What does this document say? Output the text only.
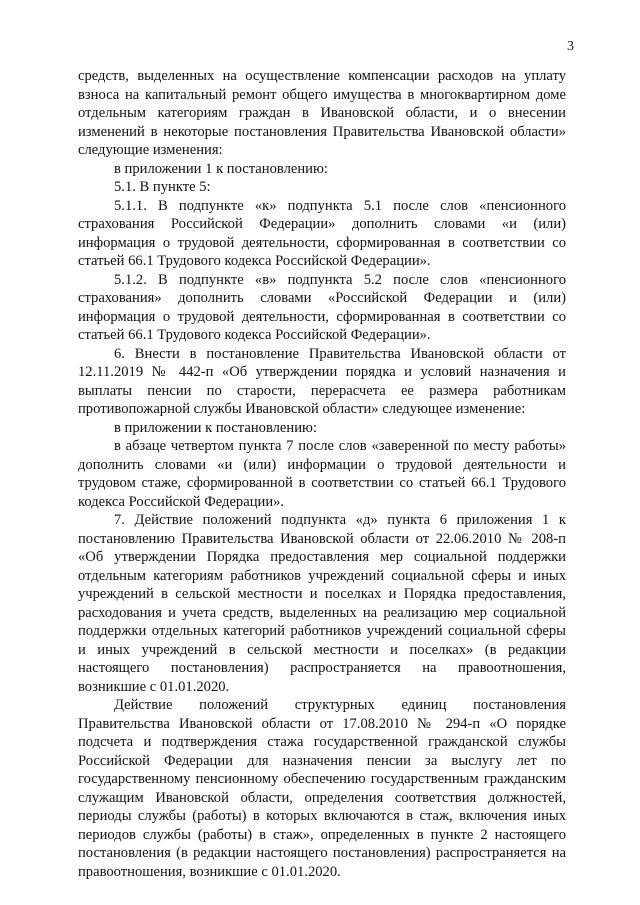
3

средств, выделенных на осуществление компенсации расходов на уплату взноса на капитальный ремонт общего имущества в многоквартирном доме отдельным категориям граждан в Ивановской области, и о внесении изменений в некоторые постановления Правительства Ивановской области» следующие изменения:

в приложении 1 к постановлению:

5.1. В пункте 5:

5.1.1. В подпункте «к» подпункта 5.1 после слов «пенсионного страхования Российской Федерации» дополнить словами «и (или) информация о трудовой деятельности, сформированная в соответствии со статьей 66.1 Трудового кодекса Российской Федерации».

5.1.2. В подпункте «в» подпункта 5.2 после слов «пенсионного страхования» дополнить словами «Российской Федерации и (или) информация о трудовой деятельности, сформированная в соответствии со статьей 66.1 Трудового кодекса Российской Федерации».

6. Внести в постановление Правительства Ивановской области от 12.11.2019 № 442-п «Об утверждении порядка и условий назначения и выплаты пенсии по старости, перерасчета ее размера работникам противопожарной службы Ивановской области» следующее изменение:

в приложении к постановлению:

в абзаце четвертом пункта 7 после слов «заверенной по месту работы» дополнить словами «и (или) информации о трудовой деятельности и трудовом стаже, сформированной в соответствии со статьей 66.1 Трудового кодекса Российской Федерации».

7. Действие положений подпункта «д» пункта 6 приложения 1 к постановлению Правительства Ивановской области от 22.06.2010 № 208-п «Об утверждении Порядка предоставления мер социальной поддержки отдельным категориям работников учреждений социальной сферы и иных учреждений в сельской местности и поселках и Порядка предоставления, расходования и учета средств, выделенных на реализацию мер социальной поддержки отдельных категорий работников учреждений социальной сферы и иных учреждений в сельской местности и поселках» (в редакции настоящего постановления) распространяется на правоотношения, возникшие с 01.01.2020.

Действие положений структурных единиц постановления Правительства Ивановской области от 17.08.2010 № 294-п «О порядке подсчета и подтверждения стажа государственной гражданской службы Российской Федерации для назначения пенсии за выслугу лет по государственному пенсионному обеспечению государственным гражданским служащим Ивановской области, определения соответствия должностей, периоды службы (работы) в которых включаются в стаж, включения иных периодов службы (работы) в стаж», определенных в пункте 2 настоящего постановления (в редакции настоящего постановления) распространяется на правоотношения, возникшие с 01.01.2020.
